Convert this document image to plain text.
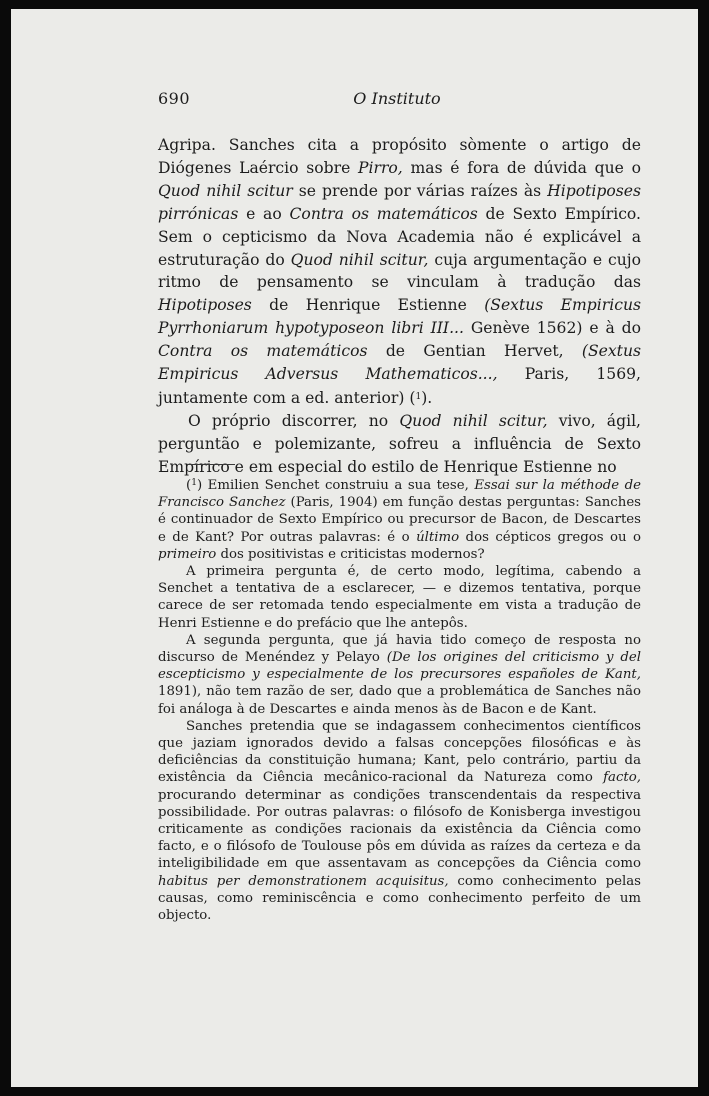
690	O Instituto

Agripa. Sanches cita a propósito sòmente o artigo de Diógenes Laércio sobre Pirro, mas é fora de dúvida que o Quod nihil scitur se prende por várias raízes às Hipotiposes pirrónicas e ao Contra os matemáticos de Sexto Empírico. Sem o cepticismo da Nova Academia não é explicável a estruturação do Quod nihil scitur, cuja argumentação e cujo ritmo de pensamento se vinculam à tradução das Hipotiposes de Henrique Estienne (Sextus Empiricus Pyrrhoniarum hypotyposeon libri III... Genève 1562) e à do Contra os matemáticos de Gentian Hervet, (Sextus Empiricus Adversus Mathematicos..., Paris, 1569, juntamente com a ed. anterior) ($^1$).

O próprio discorrer, no Quod nihil scitur, vivo, ágil, perguntão e polemizante, sofreu a influência de Sexto Empírico e em especial do estilo de Henrique Estienne no

($^1$) Emilien Senchet construiu a sua tese, Essai sur la méthode de Francisco Sanchez (Paris, 1904) em função destas perguntas: Sanches é continuador de Sexto Empírico ou precursor de Bacon, de Descartes e de Kant? Por outras palavras: é o último dos cépticos gregos ou o primeiro dos positivistas e criticistas modernos?

A primeira pergunta é, de certo modo, legítima, cabendo a Senchet a tentativa de a esclarecer, — e dizemos tentativa, porque carece de ser retomada tendo especialmente em vista a tradução de Henri Estienne e do prefácio que lhe antepôs.

A segunda pergunta, que já havia tido começo de resposta no discurso de Menéndez y Pelayo (De los origines del criticismo y del escepticismo y especialmente de los precursores españoles de Kant, 1891), não tem razão de ser, dado que a problemática de Sanches não foi análoga à de Descartes e ainda menos às de Bacon e de Kant.

Sanches pretendia que se indagassem conhecimentos científicos que jaziam ignorados devido a falsas concepções filosóficas e às deficiências da constituição humana; Kant, pelo contrário, partiu da existência da Ciência mecânico-racional da Natureza como facto, procurando determinar as condições transcendentais da respectiva possibilidade. Por outras palavras: o filósofo de Konisberga investigou criticamente as condições racionais da existência da Ciência como facto, e o filósofo de Toulouse pôs em dúvida as raízes da certeza e da inteligibilidade em que assentavam as concepções da Ciência como habitus per demonstrationem acquisitus, como conhecimento pelas causas, como reminiscência e como conhecimento perfeito de um objecto.
